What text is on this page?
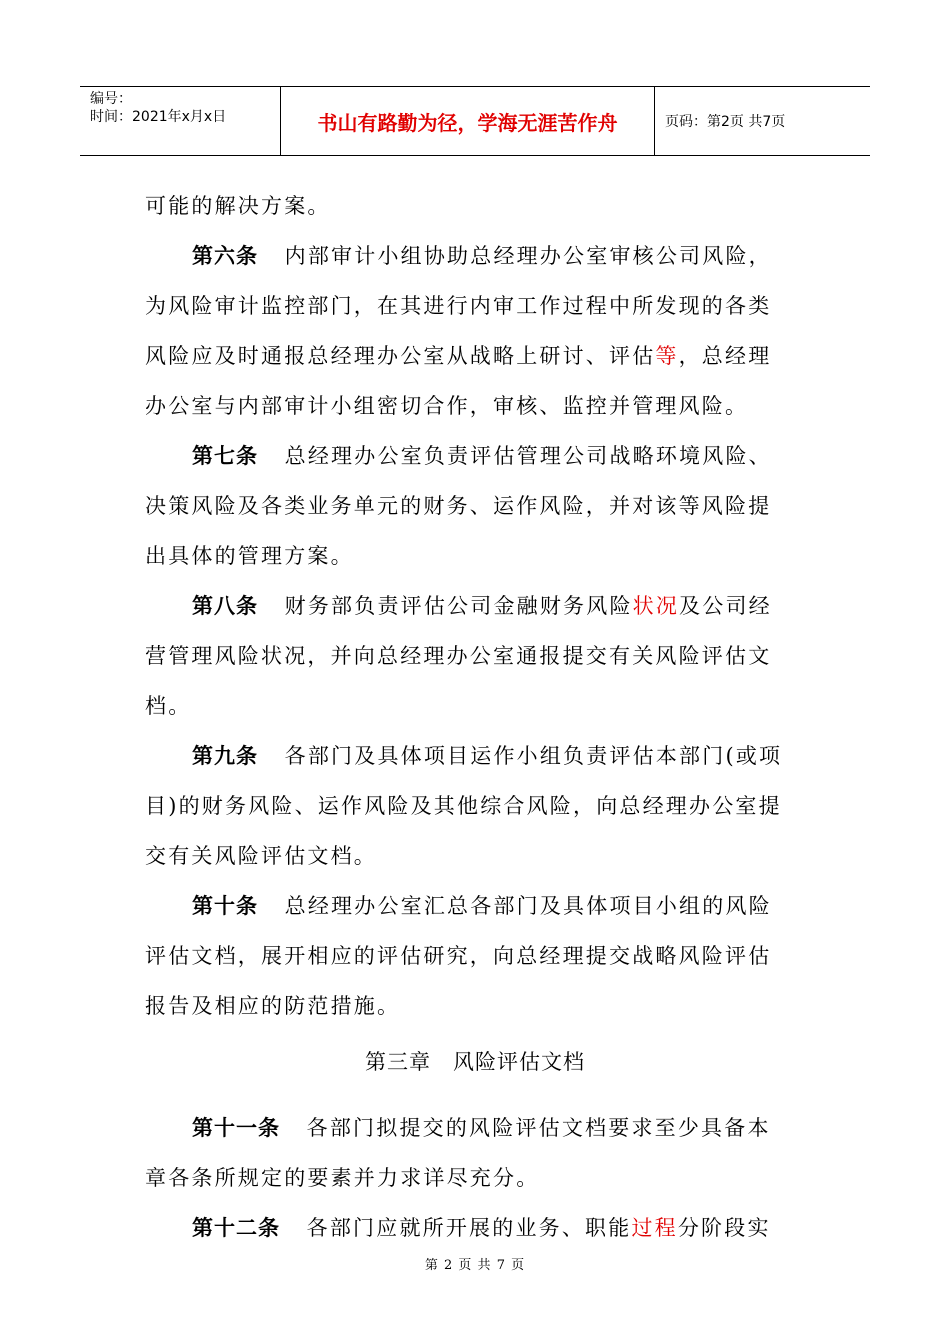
编号：
时间：2021年x月x日	书山有路勤为径，学海无涯苦作舟	页码：第2页 共7页
可能的解决方案。
第六条 内部审计小组协助总经理办公室审核公司风险，
为风险审计监控部门，在其进行内审工作过程中所发现的各类
风险应及时通报总经理办公室从战略上研讨、评估等，总经理
办公室与内部审计小组密切合作，审核、监控并管理风险。
第七条 总经理办公室负责评估管理公司战略环境风险、
决策风险及各类业务单元的财务、运作风险，并对该等风险提
出具体的管理方案。
第八条 财务部负责评估公司金融财务风险状况及公司经
营管理风险状况，并向总经理办公室通报提交有关风险评估文
档。
第九条 各部门及具体项目运作小组负责评估本部门(或项
目)的财务风险、运作风险及其他综合风险，向总经理办公室提
交有关风险评估文档。
第十条 总经理办公室汇总各部门及具体项目小组的风险
评估文档，展开相应的评估研究，向总经理提交战略风险评估
报告及相应的防范措施。
第三章　风险评估文档
第十一条 各部门拟提交的风险评估文档要求至少具备本
章各条所规定的要素并力求详尽充分。
第十二条 各部门应就所开展的业务、职能过程分阶段实
第 2 页 共 7 页
